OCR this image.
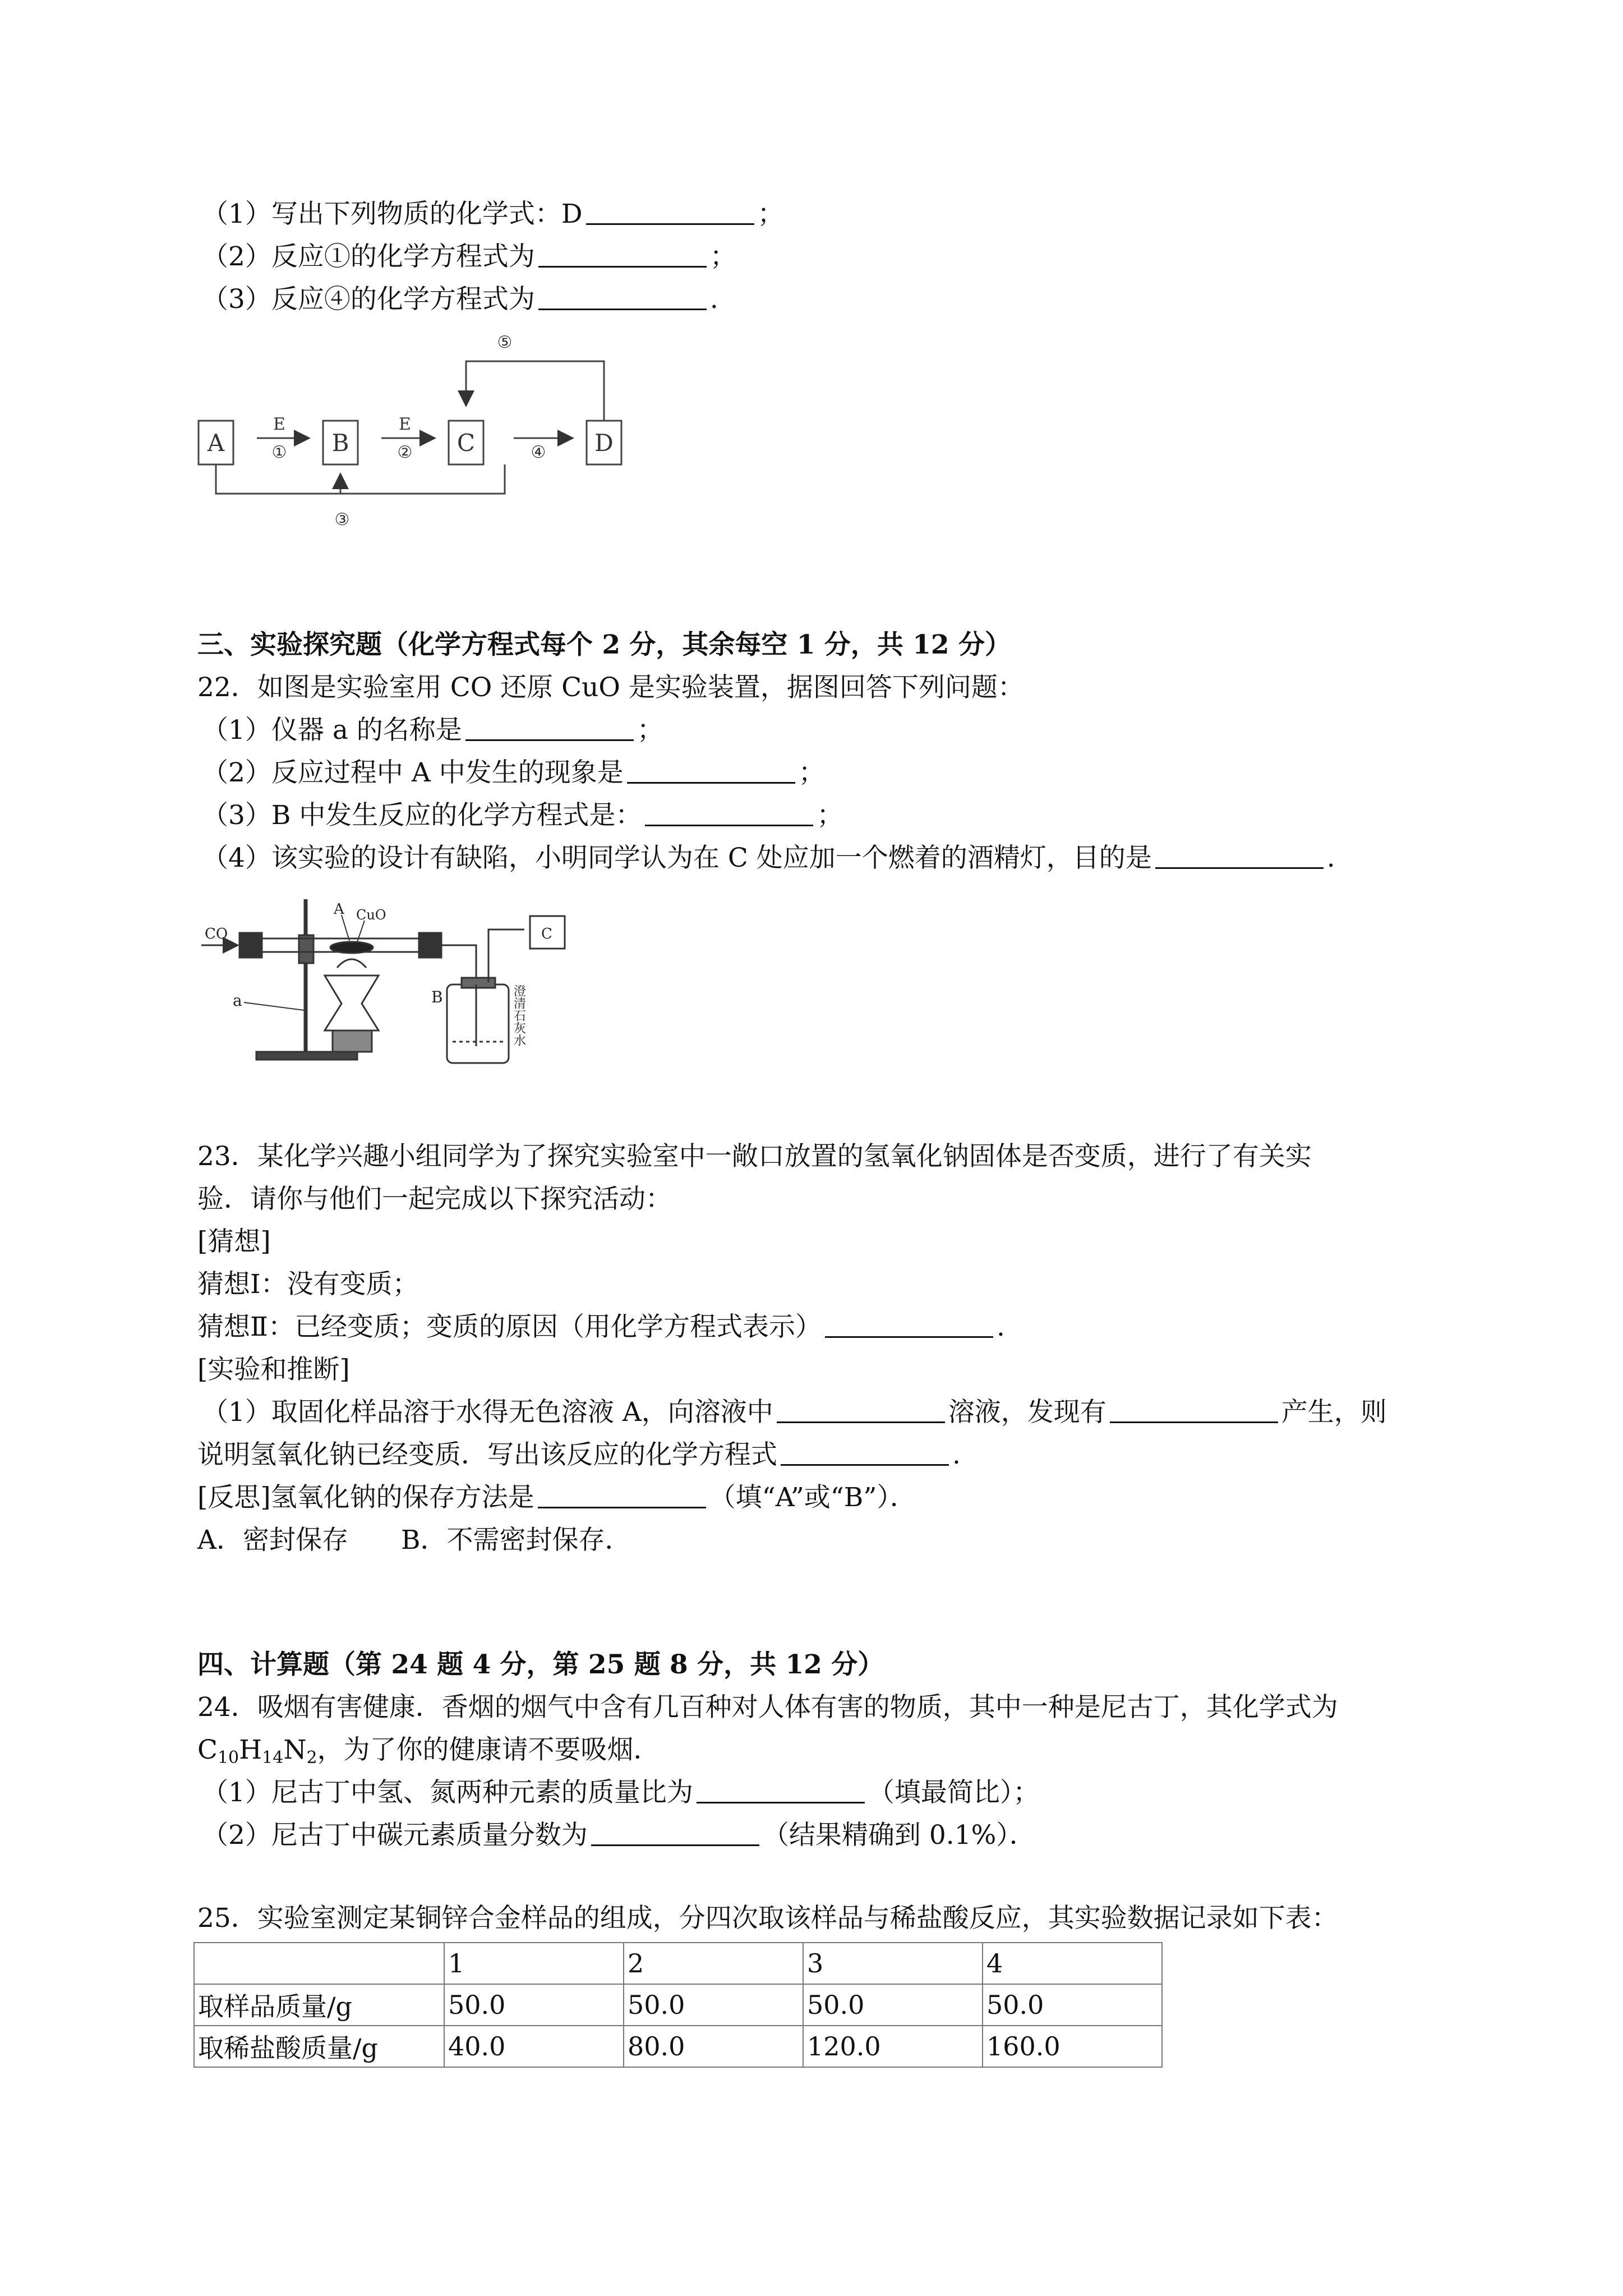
（1）写出下列物质的化学式：D	；
（2）反应①的化学方程式为	；
（3）反应④的化学方程式为	.
A	B	C	D
E
①
E
②	④
③
⑤
三、实验探究题（化学方程式每个 2 分，其余每空 1 分，共 12 分）
22．如图是实验室用 CO 还原 CuO 是实验装置，据图回答下列问题：
（1）仪器 a 的名称是	；
（2）反应过程中 A 中发生的现象是	；
（3）B 中发生反应的化学方程式是：	；
（4）该实验的设计有缺陷，小明同学认为在 C 处应加一个燃着的酒精灯，目的是	.
CO
A CuO
a	B
C
澄清石灰水
23．某化学兴趣小组同学为了探究实验室中一敞口放置的氢氧化钠固体是否变质，进行了有关实
验．请你与他们一起完成以下探究活动：
[猜想]
猜想Ⅰ：没有变质；
猜想Ⅱ：已经变质；变质的原因（用化学方程式表示）	.
[实验和推断]
（1）取固化样品溶于水得无色溶液 A，向溶液中	溶液，发现有	产生，则
说明氢氧化钠已经变质．写出该反应的化学方程式	.
[反思]氢氧化钠的保存方法是	（填“A”或“B”）．
A．密封保存　　B．不需密封保存．
四、计算题（第 24 题 4 分，第 25 题 8 分，共 12 分）
24．吸烟有害健康．香烟的烟气中含有几百种对人体有害的物质，其中一种是尼古丁，其化学式为
$C_{10}H_{14}N_2$，为了你的健康请不要吸烟．
（1）尼古丁中氢、氮两种元素的质量比为	（填最简比）；
（2）尼古丁中碳元素质量分数为	（结果精确到 0.1%）．
25．实验室测定某铜锌合金样品的组成，分四次取该样品与稀盐酸反应，其实验数据记录如下表：
	1	2	3	4
取样品质量/g	50.0	50.0	50.0	50.0
取稀盐酸质量/g	40.0	80.0	120.0	160.0
